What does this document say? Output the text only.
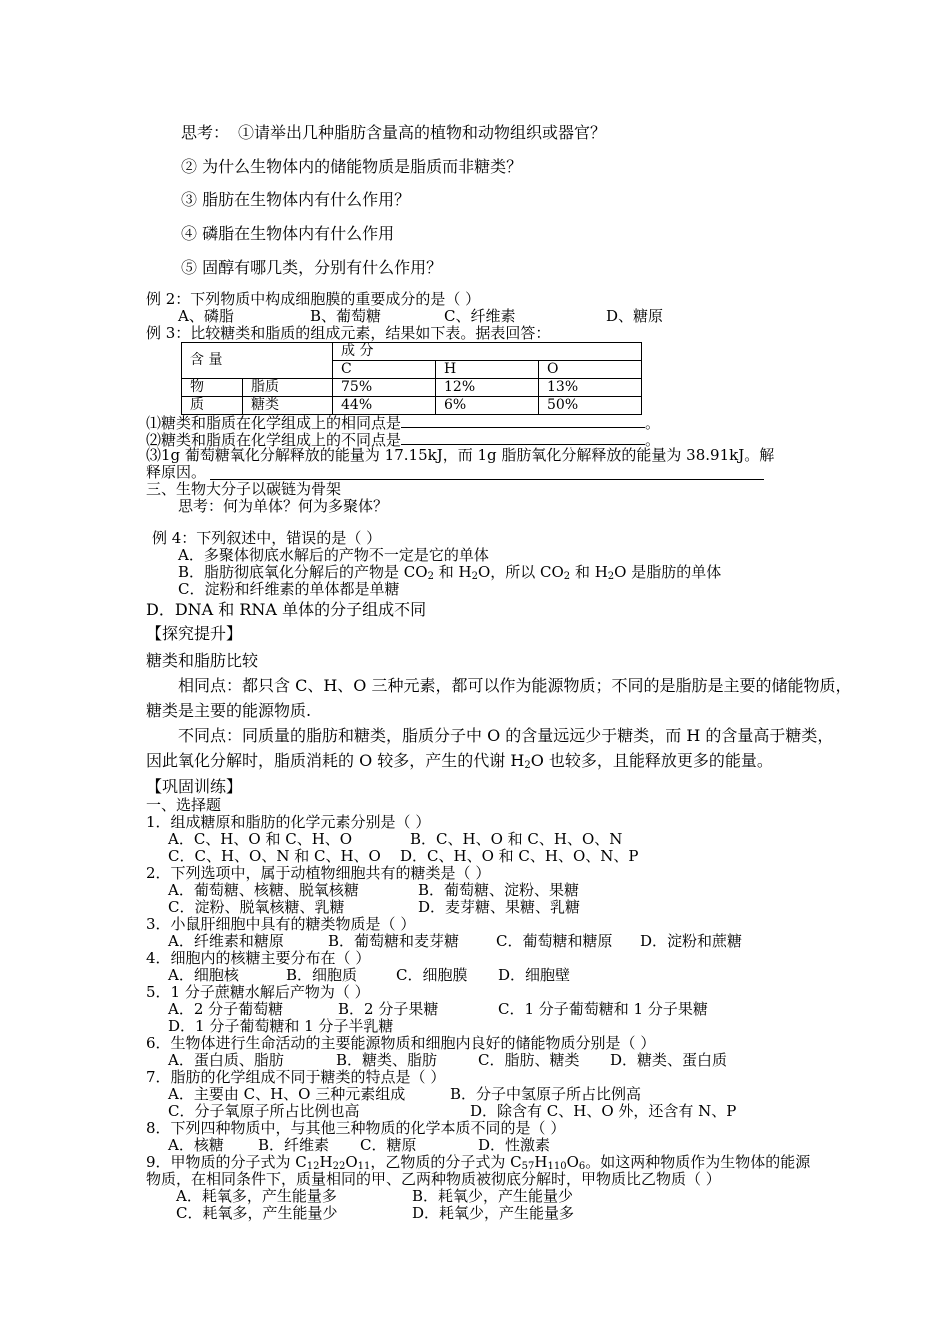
思考： ①请举出几种脂肪含量高的植物和动物组织或器官？
② 为什么生物体内的储能物质是脂质而非糖类？
③ 脂肪在生物体内有什么作用？
④ 磷脂在生物体内有什么作用
⑤ 固醇有哪几类，分别有什么作用？
例 2：下列物质中构成细胞膜的重要成分的是（ ）
A、磷脂	B、葡萄糖	C、纤维素	D、糖原
例 3：比较糖类和脂质的组成元素，结果如下表。据表回答：
含 量		成 分		
		C	H	O
物	脂质	75%	12%	13%
质	糖类	44%	6%	50%
⑴糖类和脂质在化学组成上的相同点是	。
⑵糖类和脂质在化学组成上的不同点是	。
⑶1g 葡萄糖氧化分解释放的能量为 17.15kJ，而 1g 脂肪氧化分解释放的能量为 38.91kJ。解
释原因。
三、生物大分子以碳链为骨架
思考：何为单体？何为多聚体？
例 4：下列叙述中，错误的是（ ）
A．多聚体彻底水解后的产物不一定是它的单体
B．脂肪彻底氧化分解后的产物是 $CO_2$ 和 $H_2O$，所以 $CO_2$ 和 $H_2O$ 是脂肪的单体
C．淀粉和纤维素的单体都是单糖
D．DNA 和 RNA 单体的分子组成不同
【探究提升】
糖类和脂肪比较
相同点：都只含 C、H、O 三种元素，都可以作为能源物质；不同的是脂肪是主要的储能物质，
糖类是主要的能源物质.
不同点：同质量的脂肪和糖类，脂质分子中 O 的含量远远少于糖类，而 H 的含量高于糖类，
因此氧化分解时，脂质消耗的 O 较多，产生的代谢 $H_2O$ 也较多，且能释放更多的能量。
【巩固训练】
一、选择题
1．组成糖原和脂肪的化学元素分别是（ ）
A．C、H、O 和 C、H、O	B．C、H、O 和 C、H、O、N
C．C、H、O、N 和 C、H、O D．C、H、O 和 C、H、O、N、P
2．下列选项中，属于动植物细胞共有的糖类是（ ）
A．葡萄糖、核糖、脱氧核糖	B．葡萄糖、淀粉、果糖
C．淀粉、脱氧核糖、乳糖	D．麦芽糖、果糖、乳糖
3．小鼠肝细胞中具有的糖类物质是（ ）
A．纤维素和糖原	B．葡萄糖和麦芽糖 C．葡萄糖和糖原 D．淀粉和蔗糖
4．细胞内的核糖主要分布在（ ）
A．细胞核	B．细胞质	C．细胞膜 D．细胞壁
5．1 分子蔗糖水解后产物为（ ）
A．2 分子葡萄糖	B．2 分子果糖	C．1 分子葡萄糖和 1 分子果糖
D．1 分子葡萄糖和 1 分子半乳糖
6．生物体进行生命活动的主要能源物质和细胞内良好的储能物质分别是（ ）
A．蛋白质、脂肪	B．糖类、脂肪	C．脂肪、糖类 D．糖类、蛋白质
7．脂肪的化学组成不同于糖类的特点是（ ）
A．主要由 C、H、O 三种元素组成	B．分子中氢原子所占比例高
C．分子氧原子所占比例也高	D．除含有 C、H、O 外，还含有 N、P
8．下列四种物质中，与其他三种物质的化学本质不同的是（ ）
A．核糖 B．纤维素 C．糖原	D．性激素
9．甲物质的分子式为 $C_{12}H_{22}O_{11}$，乙物质的分子式为 $C_{57}H_{110}O_6$。如这两种物质作为生物体的能源
物质，在相同条件下，质量相同的甲、乙两种物质被彻底分解时，甲物质比乙物质（ ）
A．耗氧多，产生能量多	B．耗氧少，产生能量少
C．耗氧多，产生能量少	D．耗氧少，产生能量多
